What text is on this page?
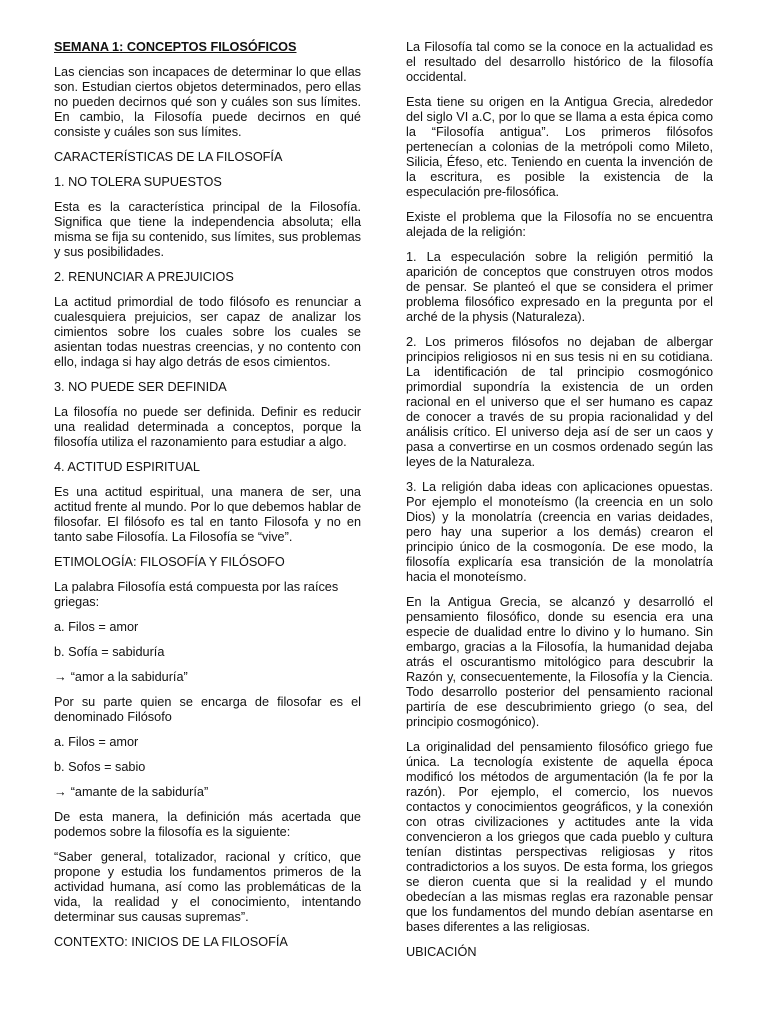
SEMANA 1: CONCEPTOS FILOSÓFICOS

Las ciencias son incapaces de determinar lo que ellas son. Estudian ciertos objetos determinados, pero ellas no pueden decirnos qué son y cuáles son sus límites. En cambio, la Filosofía puede decirnos en qué consiste y cuáles son sus límites.

CARACTERÍSTICAS DE LA FILOSOFÍA

1. NO TOLERA SUPUESTOS

Esta es la característica principal de la Filosofía. Significa que tiene la independencia absoluta; ella misma se fija su contenido, sus límites, sus problemas y sus posibilidades.

2. RENUNCIAR A PREJUICIOS

La actitud primordial de todo filósofo es renunciar a cualesquiera prejuicios, ser capaz de analizar los cimientos sobre los cuales sobre los cuales se asientan todas nuestras creencias, y no contento con ello, indaga si hay algo detrás de esos cimientos.

3. NO PUEDE SER DEFINIDA

La filosofía no puede ser definida. Definir es reducir una realidad determinada a conceptos, porque la filosofía utiliza el razonamiento para estudiar a algo.

4. ACTITUD ESPIRITUAL

Es una actitud espiritual, una manera de ser, una actitud frente al mundo. Por lo que debemos hablar de filosofar. El filósofo es tal en tanto Filosofa y no en tanto sabe Filosofía. La Filosofía se “vive”.

ETIMOLOGÍA: FILOSOFÍA Y FILÓSOFO

La palabra Filosofía está compuesta por las raíces griegas:

a. Filos = amor

b. Sofía = sabiduría

→ “amor a la sabiduría”

Por su parte quien se encarga de filosofar es el denominado Filósofo

a. Filos = amor

b. Sofos = sabio

→ “amante de la sabiduría”

De esta manera, la definición más acertada que podemos sobre la filosofía es la siguiente:

“Saber general, totalizador, racional y crítico, que propone y estudia los fundamentos primeros de la actividad humana, así como las problemáticas de la vida, la realidad y el conocimiento, intentando determinar sus causas supremas”.

CONTEXTO: INICIOS DE LA FILOSOFÍA

La Filosofía tal como se la conoce en la actualidad es el resultado del desarrollo histórico de la filosofía occidental.

Esta tiene su origen en la Antigua Grecia, alrededor del siglo VI a.C, por lo que se llama a esta épica como la “Filosofía antigua”. Los primeros filósofos pertenecían a colonias de la metrópoli como Mileto, Silicia, Éfeso, etc. Teniendo en cuenta la invención de la escritura, es posible la existencia de la especulación pre-filosófica.

Existe el problema que la Filosofía no se encuentra alejada de la religión:

1. La especulación sobre la religión permitió la aparición de conceptos que construyen otros modos de pensar. Se planteó el que se considera el primer problema filosófico expresado en la pregunta por el arché de la physis (Naturaleza).

2. Los primeros filósofos no dejaban de albergar principios religiosos ni en sus tesis ni en su cotidiana. La identificación de tal principio cosmogónico primordial supondría la existencia de un orden racional en el universo que el ser humano es capaz de conocer a través de su propia racionalidad y del análisis crítico. El universo deja así de ser un caos y pasa a convertirse en un cosmos ordenado según las leyes de la Naturaleza.

3. La religión daba ideas con aplicaciones opuestas. Por ejemplo el monoteísmo (la creencia en un solo Dios) y la monolatría (creencia en varias deidades, pero hay una superior a los demás) crearon el principio único de la cosmogonía. De ese modo, la filosofía explicaría esa transición de la monolatría hacia el monoteísmo.

En la Antigua Grecia, se alcanzó y desarrolló el pensamiento filosófico, donde su esencia era una especie de dualidad entre lo divino y lo humano. Sin embargo, gracias a la Filosofía, la humanidad dejaba atrás el oscurantismo mitológico para descubrir la Razón y, consecuentemente, la Filosofía y la Ciencia. Todo desarrollo posterior del pensamiento racional partiría de ese descubrimiento griego (o sea, del principio cosmogónico).

La originalidad del pensamiento filosófico griego fue única. La tecnología existente de aquella época modificó los métodos de argumentación (la fe por la razón). Por ejemplo, el comercio, los nuevos contactos y conocimientos geográficos, y la conexión con otras civilizaciones y actitudes ante la vida convencieron a los griegos que cada pueblo y cultura tenían distintas perspectivas religiosas y ritos contradictorios a los suyos. De esta forma, los griegos se dieron cuenta que si la realidad y el mundo obedecían a las mismas reglas era razonable pensar que los fundamentos del mundo debían asentarse en bases diferentes a las religiosas.

UBICACIÓN
